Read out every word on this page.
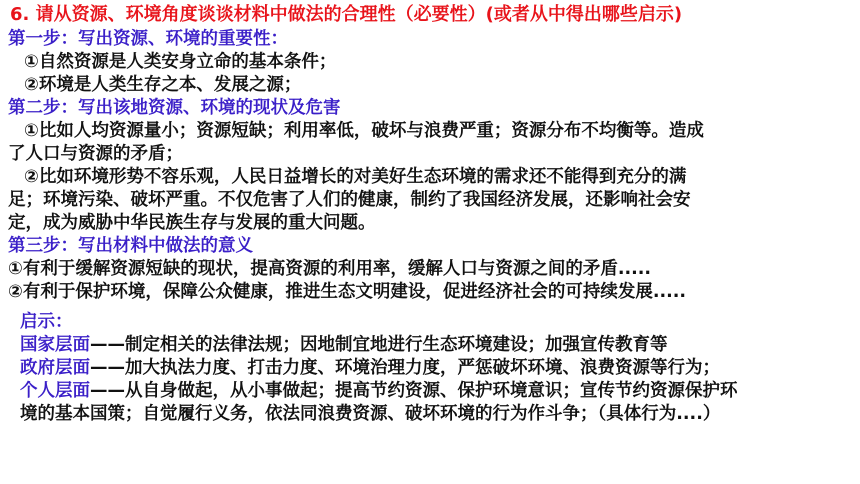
6. 请从资源、环境角度谈谈材料中做法的合理性（必要性）(或者从中得出哪些启示)
第一步：写出资源、环境的重要性：
①自然资源是人类安身立命的基本条件；
②环境是人类生存之本、发展之源；
第二步：写出该地资源、环境的现状及危害
①比如人均资源量小；资源短缺；利用率低，破坏与浪费严重；资源分布不均衡等。造成
了人口与资源的矛盾；
②比如环境形势不容乐观，人民日益增长的对美好生态环境的需求还不能得到充分的满
足；环境污染、破坏严重。不仅危害了人们的健康，制约了我国经济发展，还影响社会安
定，成为威胁中华民族生存与发展的重大问题。
第三步：写出材料中做法的意义
①有利于缓解资源短缺的现状，提高资源的利用率，缓解人口与资源之间的矛盾.....
②有利于保护环境，保障公众健康，推进生态文明建设，促进经济社会的可持续发展.....
启示：
国家层面——制定相关的法律法规；因地制宜地进行生态环境建设；加强宣传教育等
政府层面——加大执法力度、打击力度、环境治理力度，严惩破坏环境、浪费资源等行为；
个人层面——从自身做起，从小事做起；提高节约资源、保护环境意识；宣传节约资源保护环
境的基本国策；自觉履行义务，依法同浪费资源、破坏环境的行为作斗争；（具体行为....）
